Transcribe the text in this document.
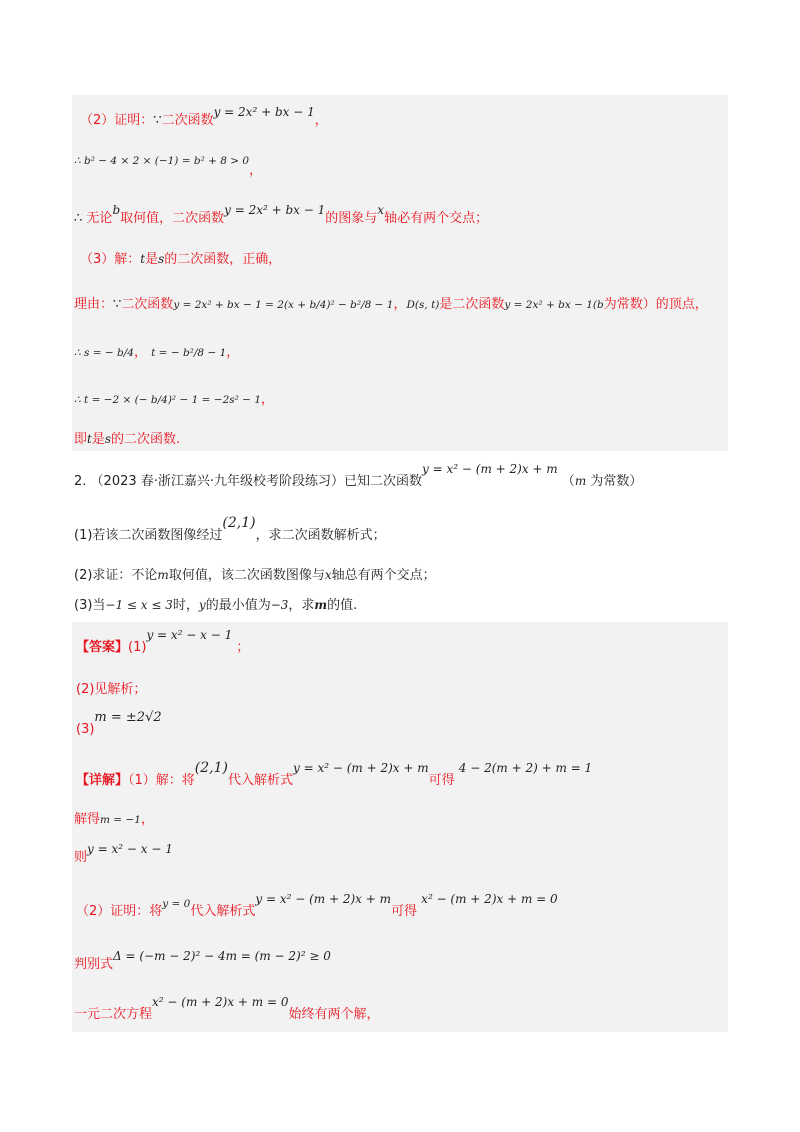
（2）证明：∵二次函数y = 2x² + bx − 1，
∴ b² − 4 × 2 × (−1) = b² + 8 > 0，
∴ 无论b取何值，二次函数y = 2x² + bx − 1的图象与x轴必有两个交点；
（3）解：t是s的二次函数，正确，
理由：∵二次函数y = 2x² + bx − 1 = 2(x + b/4)² − b²/8 − 1，D(s, t)是二次函数y = 2x² + bx − 1(b为常数）的顶点，
∴ s = − b/4， t = − b²/8 − 1，
∴ t = −2 × (− b/4)² − 1 = −2s² − 1，
即t是s的二次函数.
2. （2023 春·浙江嘉兴·九年级校考阶段练习）已知二次函数y = x² − (m + 2)x + m （m 为常数）
(1)若该二次函数图像经过(2,1)，求二次函数解析式；
(2)求证：不论m取何值，该二次函数图像与x轴总有两个交点；
(3)当−1 ≤ x ≤ 3时，y的最小值为−3，求m的值.
【答案】(1)y = x² − x − 1 ；
(2)见解析；
(3)m = ±2√2
【详解】（1）解：将(2,1)代入解析式y = x² − (m + 2)x + m可得 4 − 2(m + 2) + m = 1
解得m = −1，
则y = x² − x − 1
（2）证明：将$^{y = 0}$代入解析式y = x² − (m + 2)x + m可得 x² − (m + 2)x + m = 0
判别式Δ = (−m − 2)² − 4m = (m − 2)² ≥ 0
一元二次方程x² − (m + 2)x + m = 0始终有两个解，
